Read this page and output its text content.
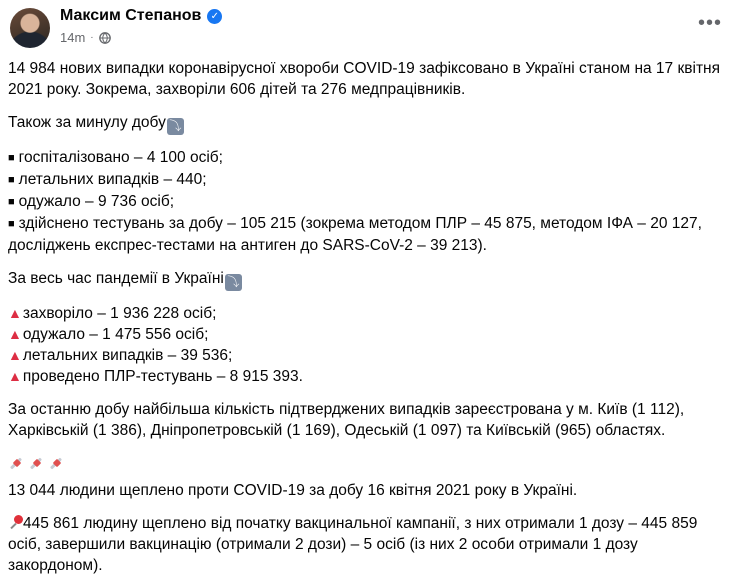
Максим Степанов ✓
14m ·
•••

14 984 нових випадки коронавірусної хвороби COVID-19 зафіксовано в Україні станом на 17 квітня 2021 року. Зокрема, захворіли 606 дітей та 276 медпрацівників.

Також за минулу добу ⤵

■ госпіталізовано – 4 100 осіб;
■ летальних випадків – 440;
■ одужало – 9 736 осіб;
■ здійснено тестувань за добу – 105 215 (зокрема методом ПЛР – 45 875, методом ІФА – 20 127, досліджень експрес-тестами на антиген до SARS-CoV-2 – 39 213).

За весь час пандемії в Україні ⤵

▲захворіло – 1 936 228 осіб;
▲одужало – 1 475 556 осіб;
▲летальних випадків – 39 536;
▲проведено ПЛР-тестувань – 8 915 393.

За останню добу найбільша кількість підтверджених випадків зареєстрована у м. Київ (1 112), Харківській (1 386), Дніпропетровській (1 169), Одеській (1 097) та Київській (965) областях.

13 044 людини щеплено проти COVID-19 за добу 16 квітня 2021 року в Україні.

445 861 людину щеплено від початку вакцинальної кампанії, з них отримали 1 дозу – 445 859 осіб, завершили вакцинацію (отримали 2 дози) – 5 осіб (із них 2 особи отримали 1 дозу закордоном).
